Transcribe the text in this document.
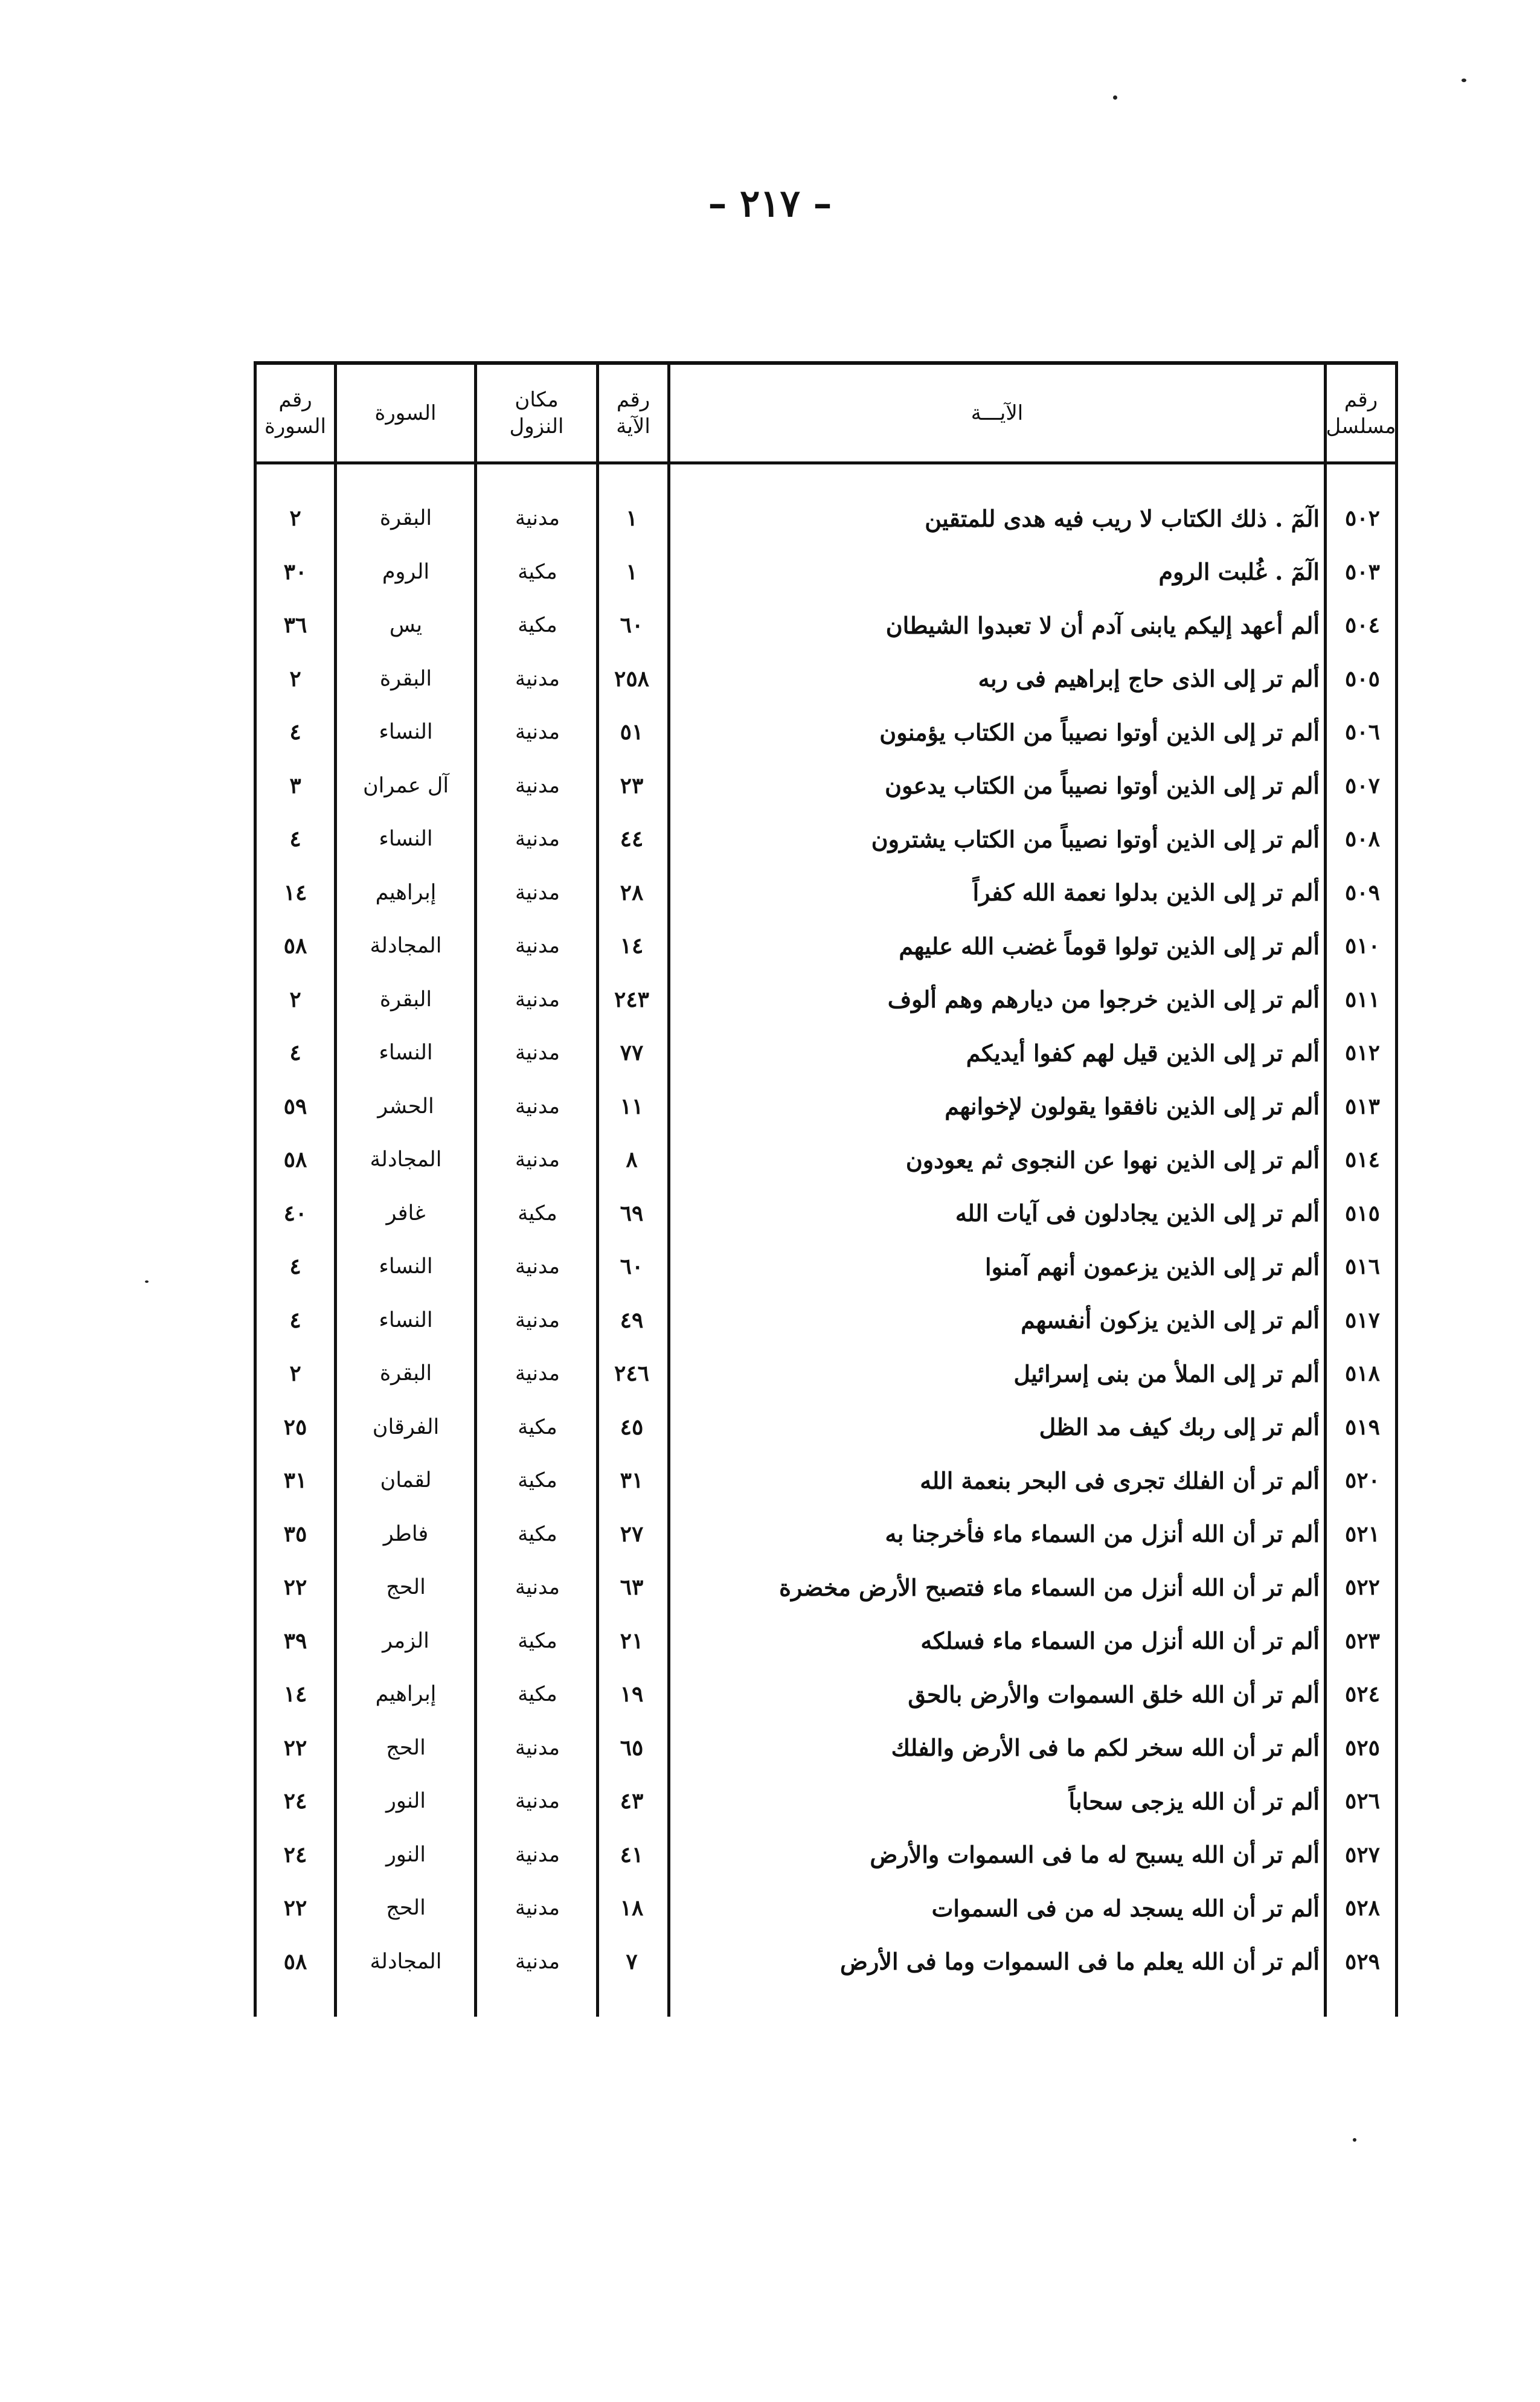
– ٢١٧ –
رقم
مسلسل
الآيـــة
رقم
الآية
مكان
النزول
السورة
رقم
السورة
٥٠٢
الٓمٓ . ذلك الكتاب لا ريب فيه هدى للمتقين
١
مدنية
البقرة
٢
٥٠٣
الٓمٓ . غُلبت الروم
١
مكية
الروم
٣٠
٥٠٤
ألم أعهد إليكم يابنى آدم أن لا تعبدوا الشيطان
٦٠
مكية
يس
٣٦
٥٠٥
ألم تر إلى الذى حاج إبراهيم فى ربه
٢٥٨
مدنية
البقرة
٢
٥٠٦
ألم تر إلى الذين أوتوا نصيباً من الكتاب يؤمنون
٥١
مدنية
النساء
٤
٥٠٧
ألم تر إلى الذين أوتوا نصيباً من الكتاب يدعون
٢٣
مدنية
آل عمران
٣
٥٠٨
ألم تر إلى الذين أوتوا نصيباً من الكتاب يشترون
٤٤
مدنية
النساء
٤
٥٠٩
ألم تر إلى الذين بدلوا نعمة الله كفراً
٢٨
مدنية
إبراهيم
١٤
٥١٠
ألم تر إلى الذين تولوا قوماً غضب الله عليهم
١٤
مدنية
المجادلة
٥٨
٥١١
ألم تر إلى الذين خرجوا من ديارهم وهم ألوف
٢٤٣
مدنية
البقرة
٢
٥١٢
ألم تر إلى الذين قيل لهم كفوا أيديكم
٧٧
مدنية
النساء
٤
٥١٣
ألم تر إلى الذين نافقوا يقولون لإخوانهم
١١
مدنية
الحشر
٥٩
٥١٤
ألم تر إلى الذين نهوا عن النجوى ثم يعودون
٨
مدنية
المجادلة
٥٨
٥١٥
ألم تر إلى الذين يجادلون فى آيات الله
٦٩
مكية
غافر
٤٠
٥١٦
ألم تر إلى الذين يزعمون أنهم آمنوا
٦٠
مدنية
النساء
٤
٥١٧
ألم تر إلى الذين يزكون أنفسهم
٤٩
مدنية
النساء
٤
٥١٨
ألم تر إلى الملأ من بنى إسرائيل
٢٤٦
مدنية
البقرة
٢
٥١٩
ألم تر إلى ربك كيف مد الظل
٤٥
مكية
الفرقان
٢٥
٥٢٠
ألم تر أن الفلك تجرى فى البحر بنعمة الله
٣١
مكية
لقمان
٣١
٥٢١
ألم تر أن الله أنزل من السماء ماء فأخرجنا به
٢٧
مكية
فاطر
٣٥
٥٢٢
ألم تر أن الله أنزل من السماء ماء فتصبح الأرض مخضرة
٦٣
مدنية
الحج
٢٢
٥٢٣
ألم تر أن الله أنزل من السماء ماء فسلكه
٢١
مكية
الزمر
٣٩
٥٢٤
ألم تر أن الله خلق السموات والأرض بالحق
١٩
مكية
إبراهيم
١٤
٥٢٥
ألم تر أن الله سخر لكم ما فى الأرض والفلك
٦٥
مدنية
الحج
٢٢
٥٢٦
ألم تر أن الله يزجى سحاباً
٤٣
مدنية
النور
٢٤
٥٢٧
ألم تر أن الله يسبح له ما فى السموات والأرض
٤١
مدنية
النور
٢٤
٥٢٨
ألم تر أن الله يسجد له من فى السموات
١٨
مدنية
الحج
٢٢
٥٢٩
ألم تر أن الله يعلم ما فى السموات وما فى الأرض
٧
مدنية
المجادلة
٥٨
